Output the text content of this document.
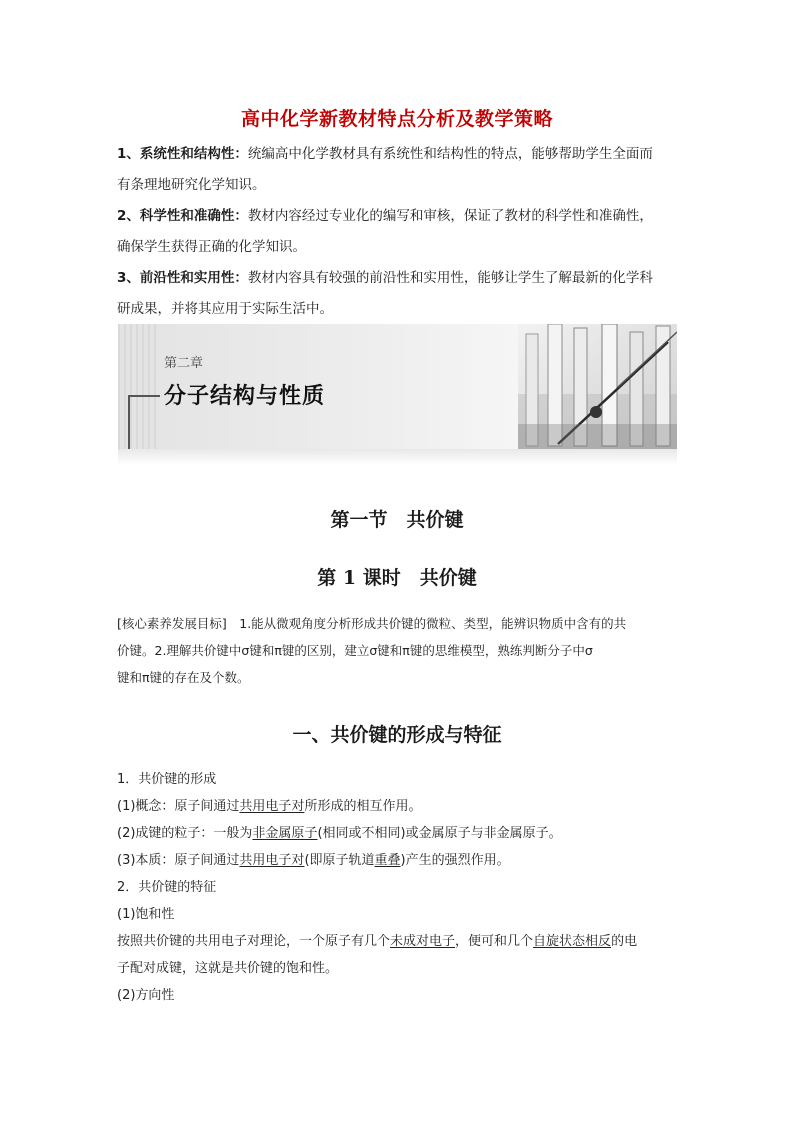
高中化学新教材特点分析及教学策略
1、系统性和结构性：统编高中化学教材具有系统性和结构性的特点，能够帮助学生全面而
有条理地研究化学知识。
2、科学性和准确性：教材内容经过专业化的编写和审核，保证了教材的科学性和准确性，
确保学生获得正确的化学知识。
3、前沿性和实用性：教材内容具有较强的前沿性和实用性，能够让学生了解最新的化学科
研成果，并将其应用于实际生活中。
第二章
分子结构与性质
第一节　共价键
第 1 课时　共价键
[核心素养发展目标]　1.能从微观角度分析形成共价键的微粒、类型，能辨识物质中含有的共
价键。2.理解共价键中σ键和π键的区别，建立σ键和π键的思维模型，熟练判断分子中σ
键和π键的存在及个数。
一、共价键的形成与特征
1．共价键的形成
(1)概念：原子间通过共用电子对所形成的相互作用。
(2)成键的粒子：一般为非金属原子(相同或不相同)或金属原子与非金属原子。
(3)本质：原子间通过共用电子对(即原子轨道重叠)产生的强烈作用。
2．共价键的特征
(1)饱和性
按照共价键的共用电子对理论，一个原子有几个未成对电子，便可和几个自旋状态相反的电
子配对成键，这就是共价键的饱和性。
(2)方向性
